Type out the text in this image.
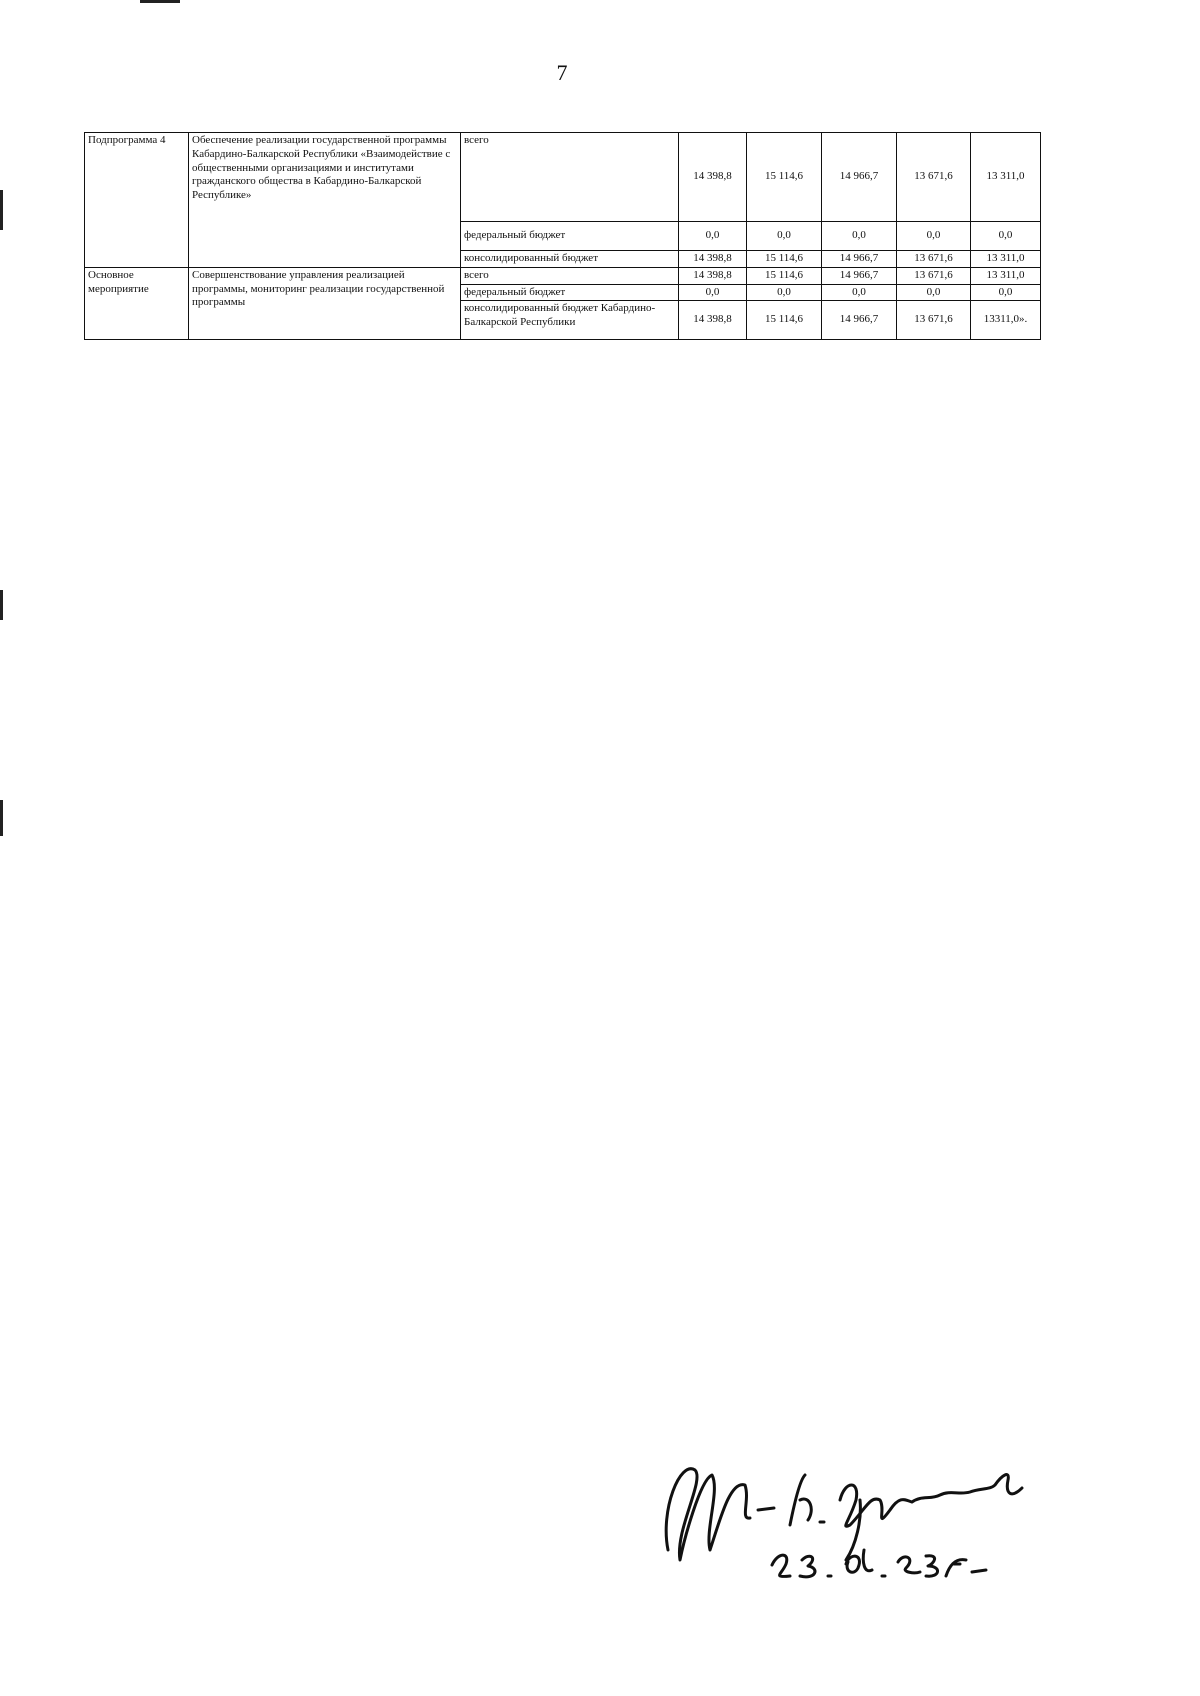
7
Подпрограмма 4	Обеспечение реализации государственной программы Кабардино-Балкарской Республики «Взаимодействие с общественными организациями и институтами гражданского общества в Кабардино-Балкарской Республике»	всего	14 398,8	15 114,6	14 966,7	13 671,6	13 311,0
		федеральный бюджет	0,0	0,0	0,0	0,0	0,0
		консолидированный бюджет	14 398,8	15 114,6	14 966,7	13 671,6	13 311,0
Основное мероприятие	Совершенствование управления реализацией программы, мониторинг реализации государственной программы	всего	14 398,8	15 114,6	14 966,7	13 671,6	13 311,0
		федеральный бюджет	0,0	0,0	0,0	0,0	0,0
		консолидированный бюджет Кабардино-Балкарской Республики	14 398,8	15 114,6	14 966,7	13 671,6	13311,0».
